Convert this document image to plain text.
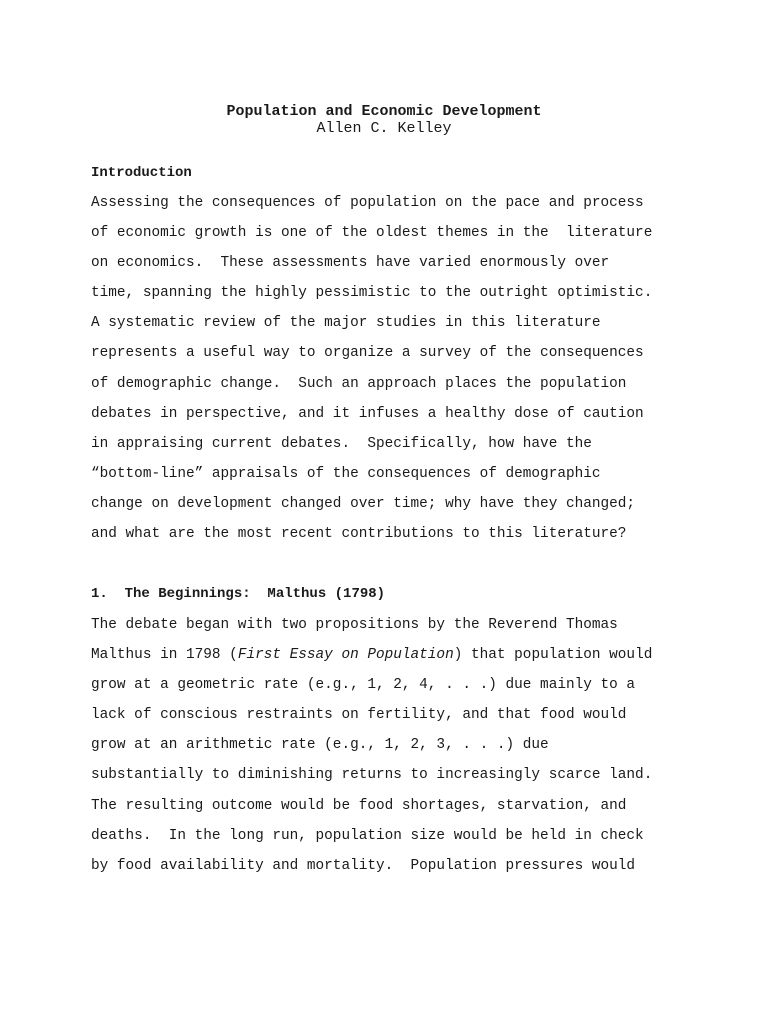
Population and Economic Development
Allen C. Kelley
Introduction
Assessing the consequences of population on the pace and process
of economic growth is one of the oldest themes in the  literature
on economics.  These assessments have varied enormously over
time, spanning the highly pessimistic to the outright optimistic.
A systematic review of the major studies in this literature
represents a useful way to organize a survey of the consequences
of demographic change.  Such an approach places the population
debates in perspective, and it infuses a healthy dose of caution
in appraising current debates.  Specifically, how have the
“bottom-line” appraisals of the consequences of demographic
change on development changed over time; why have they changed;
and what are the most recent contributions to this literature?
1.  The Beginnings:  Malthus (1798)
The debate began with two propositions by the Reverend Thomas
Malthus in 1798 (First Essay on Population) that population would
grow at a geometric rate (e.g., 1, 2, 4, . . .) due mainly to a
lack of conscious restraints on fertility, and that food would
grow at an arithmetic rate (e.g., 1, 2, 3, . . .) due
substantially to diminishing returns to increasingly scarce land.
The resulting outcome would be food shortages, starvation, and
deaths.  In the long run, population size would be held in check
by food availability and mortality.  Population pressures would
